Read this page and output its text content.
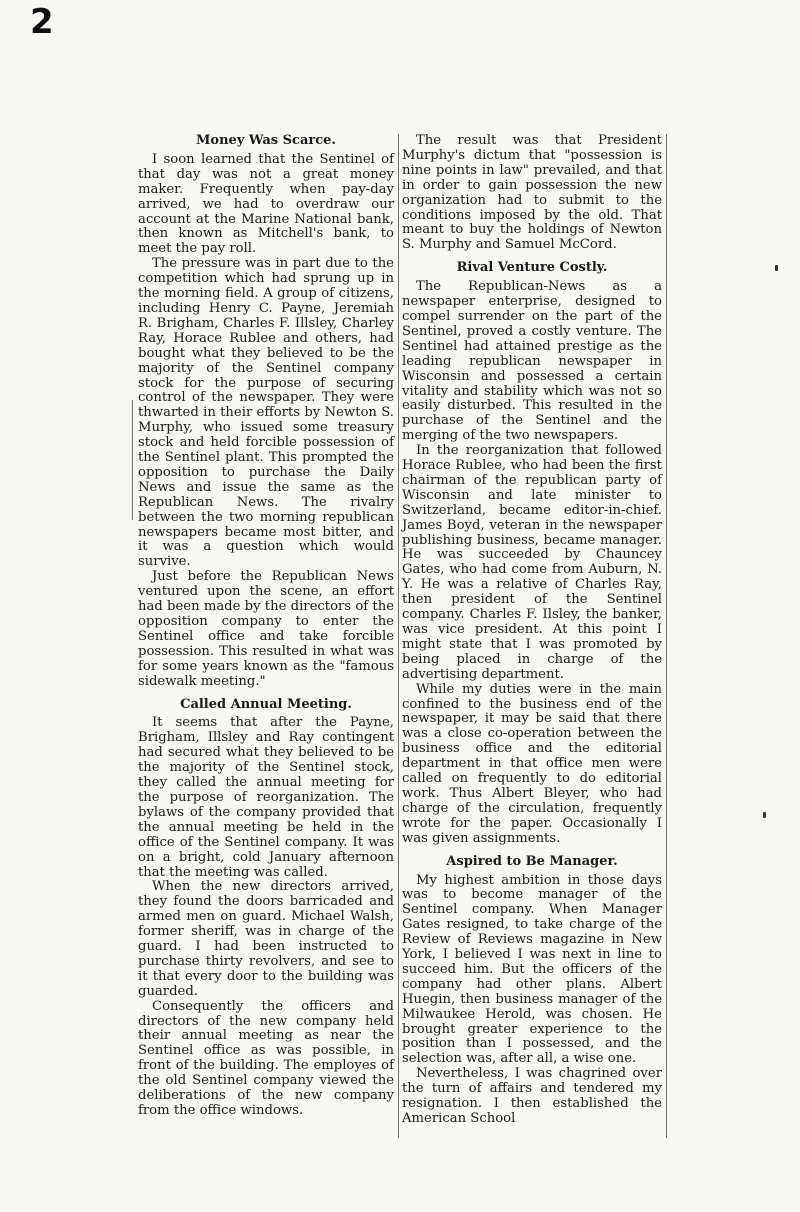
2
Money Was Scarce.

I soon learned that the Sentinel of that day was not a great money maker. Frequently when pay-day arrived, we had to overdraw our account at the Marine National bank, then known as Mitchell's bank, to meet the pay roll.

The pressure was in part due to the competition which had sprung up in the morning field. A group of citizens, including Henry C. Payne, Jeremiah R. Brigham, Charles F. Illsley, Charley Ray, Horace Rublee and others, had bought what they believed to be the majority of the Sentinel company stock for the purpose of securing control of the newspaper. They were thwarted in their efforts by Newton S. Murphy, who issued some treasury stock and held forcible possession of the Sentinel plant. This prompted the opposition to purchase the Daily News and issue the same as the Republican News. The rivalry between the two morning republican newspapers became most bitter, and it was a question which would survive.

Just before the Republican News ventured upon the scene, an effort had been made by the directors of the opposition company to enter the Sentinel office and take forcible possession. This resulted in what was for some years known as the "famous sidewalk meeting."

Called Annual Meeting.

It seems that after the Payne, Brigham, Illsley and Ray contingent had secured what they believed to be the majority of the Sentinel stock, they called the annual meeting for the purpose of reorganization. The bylaws of the company provided that the annual meeting be held in the office of the Sentinel company. It was on a bright, cold January afternoon that the meeting was called.

When the new directors arrived, they found the doors barricaded and armed men on guard. Michael Walsh, former sheriff, was in charge of the guard. I had been instructed to purchase thirty revolvers, and see to it that every door to the building was guarded.

Consequently the officers and directors of the new company held their annual meeting as near the Sentinel office as was possible, in front of the building. The employes of the old Sentinel company viewed the deliberations of the new company from the office windows.

The result was that President Murphy's dictum that "possession is nine points in law" prevailed, and that in order to gain possession the new organization had to submit to the conditions imposed by the old. That meant to buy the holdings of Newton S. Murphy and Samuel McCord.

Rival Venture Costly.

The Republican-News as a newspaper enterprise, designed to compel surrender on the part of the Sentinel, proved a costly venture. The Sentinel had attained prestige as the leading republican newspaper in Wisconsin and possessed a certain vitality and stability which was not so easily disturbed. This resulted in the purchase of the Sentinel and the merging of the two newspapers.

In the reorganization that followed Horace Rublee, who had been the first chairman of the republican party of Wisconsin and late minister to Switzerland, became editor-in-chief. James Boyd, veteran in the newspaper publishing business, became manager. He was succeeded by Chauncey Gates, who had come from Auburn, N. Y. He was a relative of Charles Ray, then president of the Sentinel company. Charles F. Ilsley, the banker, was vice president. At this point I might state that I was promoted by being placed in charge of the advertising department.

While my duties were in the main confined to the business end of the newspaper, it may be said that there was a close co-operation between the business office and the editorial department in that office men were called on frequently to do editorial work. Thus Albert Bleyer, who had charge of the circulation, frequently wrote for the paper. Occasionally I was given assignments.

Aspired to Be Manager.

My highest ambition in those days was to become manager of the Sentinel company. When Manager Gates resigned, to take charge of the Review of Reviews magazine in New York, I believed I was next in line to succeed him. But the officers of the company had other plans. Albert Huegin, then business manager of the Milwaukee Herold, was chosen. He brought greater experience to the position than I possessed, and the selection was, after all, a wise one.

Nevertheless, I was chagrined over the turn of affairs and tendered my resignation. I then established the American School
